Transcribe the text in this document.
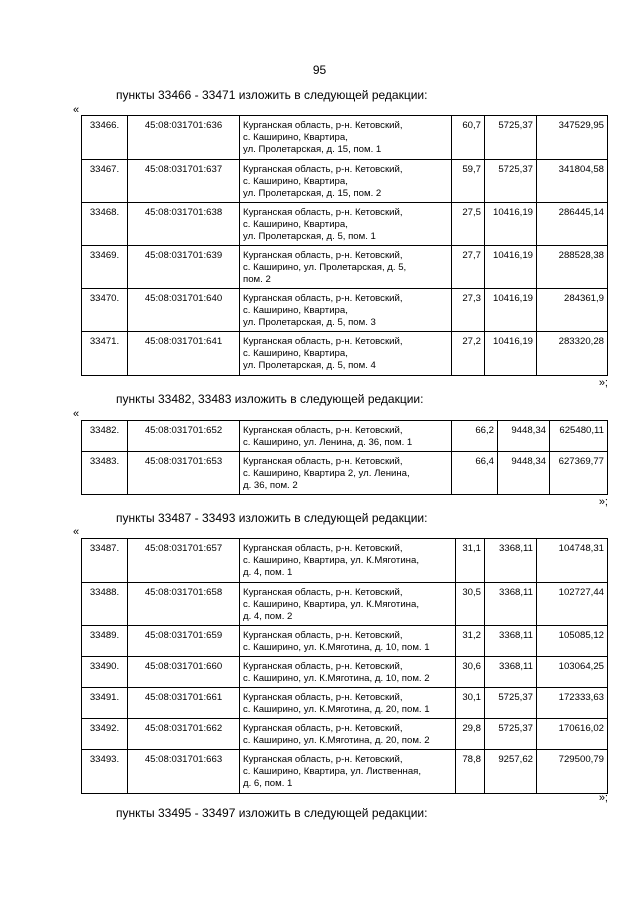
95
пункты 33466 - 33471 изложить в следующей редакции:
«
33466.	45:08:031701:636	Курганская область, р-н. Кетовский,
с. Каширино, Квартира,
ул. Пролетарская, д. 15, пом. 1	60,7	5725,37	347529,95
33467.	45:08:031701:637	Курганская область, р-н. Кетовский,
с. Каширино, Квартира,
ул. Пролетарская, д. 15, пом. 2	59,7	5725,37	341804,58
33468.	45:08:031701:638	Курганская область, р-н. Кетовский,
с. Каширино, Квартира,
ул. Пролетарская, д. 5, пом. 1	27,5	10416,19	286445,14
33469.	45:08:031701:639	Курганская область, р-н. Кетовский,
с. Каширино, ул. Пролетарская, д. 5,
пом. 2	27,7	10416,19	288528,38
33470.	45:08:031701:640	Курганская область, р-н. Кетовский,
с. Каширино, Квартира,
ул. Пролетарская, д. 5, пом. 3	27,3	10416,19	284361,9
33471.	45:08:031701:641	Курганская область, р-н. Кетовский,
с. Каширино, Квартира,
ул. Пролетарская, д. 5, пом. 4	27,2	10416,19	283320,28
»;
пункты 33482, 33483 изложить в следующей редакции:
«
33482.	45:08:031701:652	Курганская область, р-н. Кетовский,
с. Каширино, ул. Ленина, д. 36, пом. 1	66,2	9448,34	625480,11
33483.	45:08:031701:653	Курганская область, р-н. Кетовский,
с. Каширино, Квартира 2, ул. Ленина,
д. 36, пом. 2	66,4	9448,34	627369,77
»;
пункты 33487 - 33493 изложить в следующей редакции:
«
33487.	45:08:031701:657	Курганская область, р-н. Кетовский,
с. Каширино, Квартира, ул. К.Мяготина,
д. 4, пом. 1	31,1	3368,11	104748,31
33488.	45:08:031701:658	Курганская область, р-н. Кетовский,
с. Каширино, Квартира, ул. К.Мяготина,
д. 4, пом. 2	30,5	3368,11	102727,44
33489.	45:08:031701:659	Курганская область, р-н. Кетовский,
с. Каширино, ул. К.Мяготина, д. 10, пом. 1	31,2	3368,11	105085,12
33490.	45:08:031701:660	Курганская область, р-н. Кетовский,
с. Каширино, ул. К.Мяготина, д. 10, пом. 2	30,6	3368,11	103064,25
33491.	45:08:031701:661	Курганская область, р-н. Кетовский,
с. Каширино, ул. К.Мяготина, д. 20, пом. 1	30,1	5725,37	172333,63
33492.	45:08:031701:662	Курганская область, р-н. Кетовский,
с. Каширино, ул. К.Мяготина, д. 20, пом. 2	29,8	5725,37	170616,02
33493.	45:08:031701:663	Курганская область, р-н. Кетовский,
с. Каширино, Квартира, ул. Лиственная,
д. 6, пом. 1	78,8	9257,62	729500,79
»;
пункты 33495 - 33497 изложить в следующей редакции:
